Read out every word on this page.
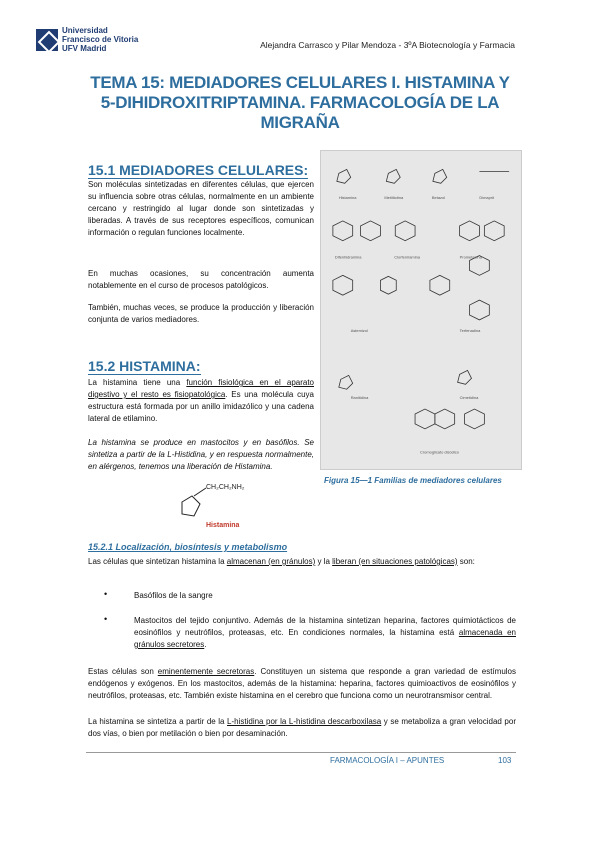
Universidad
Francisco de Vitoria
UFV Madrid	Alejandra Carrasco y Pilar Mendoza - 3ºA Biotecnología y Farmacia
TEMA 15: MEDIADORES CELULARES I. HISTAMINA Y
5-DIHIDROXITRIPTAMINA. FARMACOLOGÍA DE LA
MIGRAÑA
15.1 MEDIADORES CELULARES:
Son moléculas sintetizadas en diferentes células, que ejercen su influencia sobre otras células, normalmente en un ambiente cercano y restringido al lugar donde son sintetizadas y liberadas. A través de sus receptores específicos, comunican información o regulan funciones localmente.
En muchas ocasiones, su concentración aumenta notablemente en el curso de procesos patológicos.
También, muchas veces, se produce la producción y liberación conjunta de varios mediadores.
Histamina	Metiltiotina	Betazol	Dimaprit
Difenhidramina	Clorfeniramina	Prometazina
Astemizol	Terfenadina
Ranitidina	Cimetidina
Cromoglicato disódico
Figura 15—1 Familias de mediadores celulares
15.2 HISTAMINA:
La histamina tiene una función fisiológica en el aparato digestivo y el resto es fisiopatológica. Es una molécula cuya estructura está formada por un anillo imidazólico y una cadena lateral de etilamino.
La histamina se produce en mastocitos y en basófilos. Se sintetiza a partir de la L-Histidina, y en respuesta normalmente, en alérgenos, tenemos una liberación de Histamina.
CH₂CH₂NH₂
Histamina
15.2.1 Localización, biosíntesis y metabolismo
Las células que sintetizan histamina la almacenan (en gránulos) y la liberan (en situaciones patológicas) son:
•	Basófilos de la sangre
•	Mastocitos del tejido conjuntivo. Además de la histamina sintetizan heparina, factores quimiotácticos de eosinófilos y neutrófilos, proteasas, etc. En condiciones normales, la histamina está almacenada en gránulos secretores.
Estas células son eminentemente secretoras. Constituyen un sistema que responde a gran variedad de estímulos endógenos y exógenos. En los mastocitos, además de la histamina: heparina, factores quimioactivos de eosinófilos y neutrófilos, proteasas, etc. También existe histamina en el cerebro que funciona como un neurotransmisor central.
La histamina se sintetiza a partir de la L-histidina por la L-histidina descarboxilasa y se metaboliza a gran velocidad por dos vías, o bien por metilación o bien por desaminación.
FARMACOLOGÍA I – APUNTES	103
